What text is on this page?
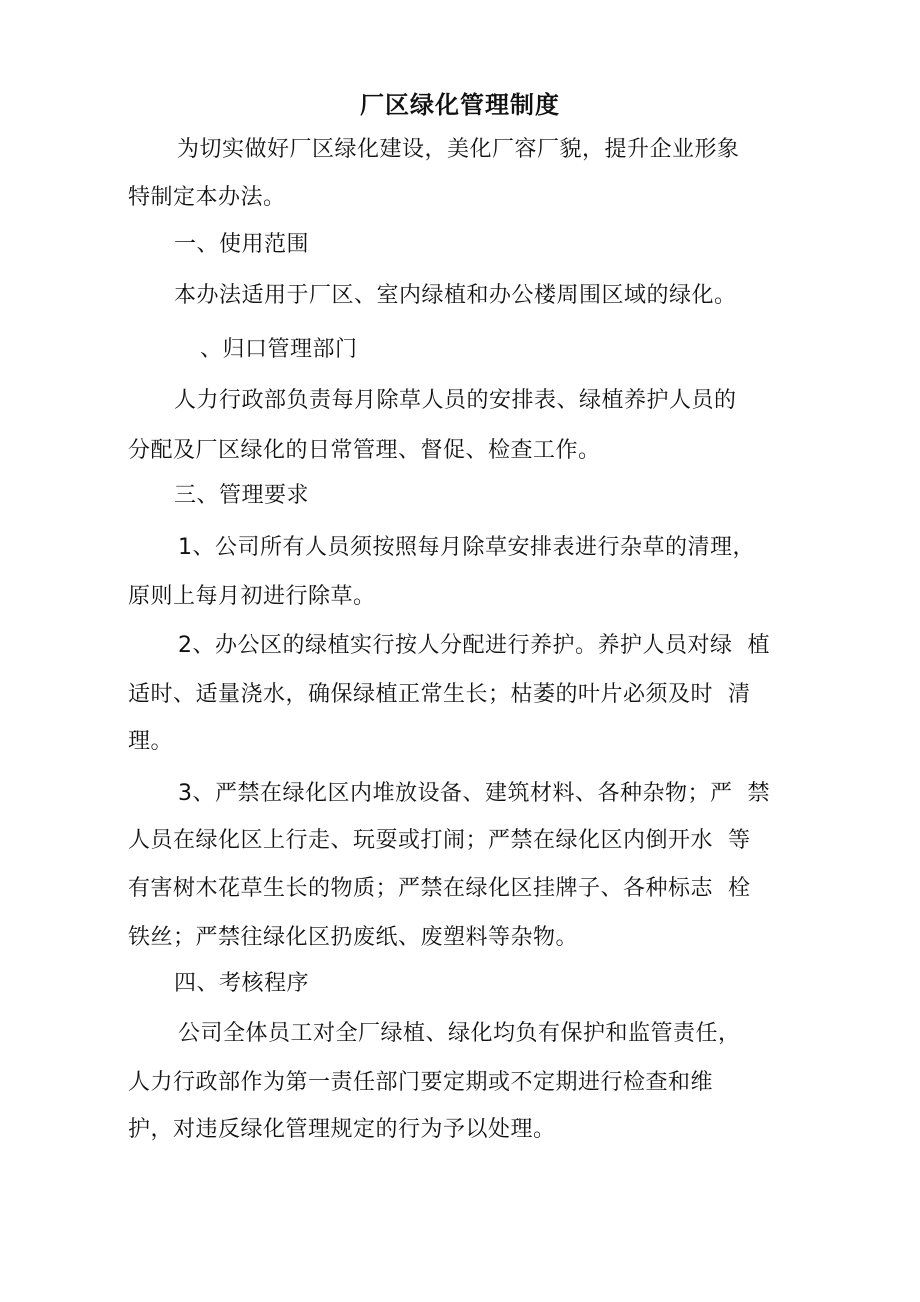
厂区绿化管理制度
为切实做好厂区绿化建设，美化厂容厂貌，提升企业形象
特制定本办法。
一、使用范围
本办法适用于厂区、室内绿植和办公楼周围区域的绿化。
、归口管理部门
人力行政部负责每月除草人员的安排表、绿植养护人员的
分配及厂区绿化的日常管理、督促、检查工作。
三、管理要求
1、公司所有人员须按照每月除草安排表进行杂草的清理，
原则上每月初进行除草。
2、办公区的绿植实行按人分配进行养护。养护人员对绿  植
适时、适量浇水，确保绿植正常生长；枯萎的叶片必须及时  清
理。
3、严禁在绿化区内堆放设备、建筑材料、各种杂物；严  禁
人员在绿化区上行走、玩耍或打闹；严禁在绿化区内倒开水  等
有害树木花草生长的物质；严禁在绿化区挂牌子、各种标志  栓
铁丝；严禁往绿化区扔废纸、废塑料等杂物。
四、考核程序
公司全体员工对全厂绿植、绿化均负有保护和监管责任，
人力行政部作为第一责任部门要定期或不定期进行检查和维
护，对违反绿化管理规定的行为予以处理。
